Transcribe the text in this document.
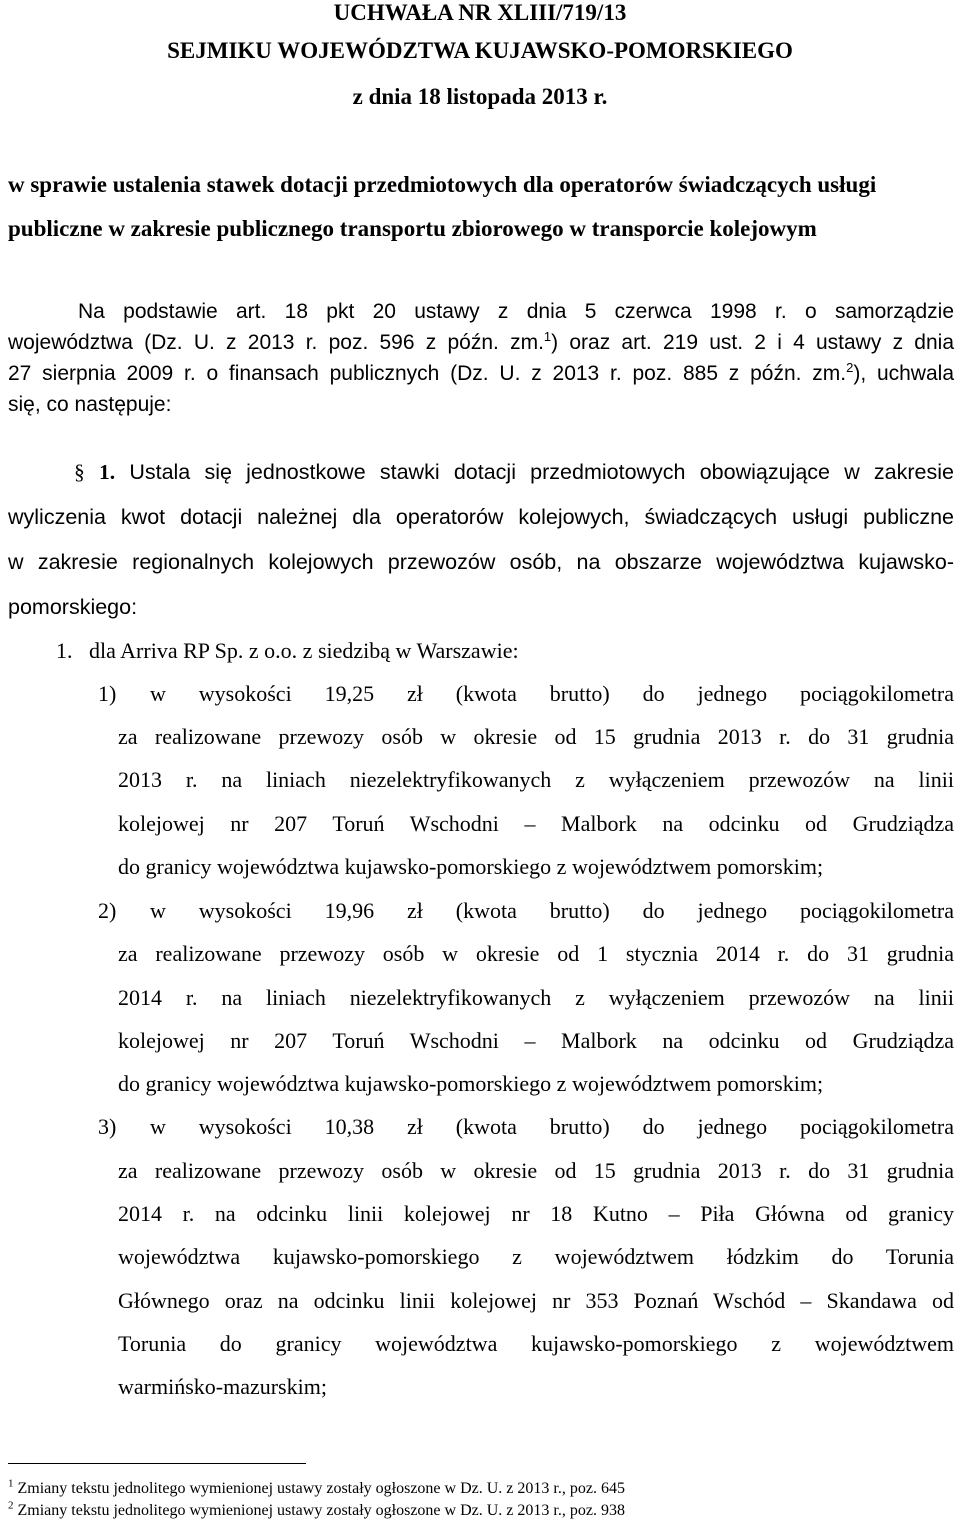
UCHWAŁA NR XLIII/719/13
SEJMIKU WOJEWÓDZTWA KUJAWSKO-POMORSKIEGO
z dnia 18 listopada 2013 r.
w sprawie ustalenia stawek dotacji przedmiotowych dla operatorów świadczących usługi
publiczne w zakresie publicznego transportu zbiorowego w transporcie kolejowym
Na podstawie art. 18 pkt 20 ustawy z dnia 5 czerwca 1998 r. o samorządzie
województwa (Dz. U. z 2013 r. poz. 596 z późn. zm.$^1$) oraz art. 219 ust. 2 i 4 ustawy z dnia
27 sierpnia 2009 r. o finansach publicznych (Dz. U. z 2013 r. poz. 885 z późn. zm.$^2$), uchwala
się, co następuje:
§ 1. Ustala się jednostkowe stawki dotacji przedmiotowych obowiązujące w zakresie
wyliczenia kwot dotacji należnej dla operatorów kolejowych, świadczących usługi publiczne
w zakresie regionalnych kolejowych przewozów osób, na obszarze województwa kujawsko-
pomorskiego:
1. dla Arriva RP Sp. z o.o. z siedzibą w Warszawie:
1) w wysokości 19,25 zł (kwota brutto) do jednego pociągokilometra
za realizowane przewozy osób w okresie od 15 grudnia 2013 r. do 31 grudnia
2013 r. na liniach niezelektryfikowanych z wyłączeniem przewozów na linii
kolejowej nr 207 Toruń Wschodni – Malbork na odcinku od Grudziądza
do granicy województwa kujawsko-pomorskiego z województwem pomorskim;
2) w wysokości 19,96 zł (kwota brutto) do jednego pociągokilometra
za realizowane przewozy osób w okresie od 1 stycznia 2014 r. do 31 grudnia
2014 r. na liniach niezelektryfikowanych z wyłączeniem przewozów na linii
kolejowej nr 207 Toruń Wschodni – Malbork na odcinku od Grudziądza
do granicy województwa kujawsko-pomorskiego z województwem pomorskim;
3) w wysokości 10,38 zł (kwota brutto) do jednego pociągokilometra
za realizowane przewozy osób w okresie od 15 grudnia 2013 r. do 31 grudnia
2014 r. na odcinku linii kolejowej nr 18 Kutno – Piła Główna od granicy
województwa kujawsko-pomorskiego z województwem łódzkim do Torunia
Głównego oraz na odcinku linii kolejowej nr 353 Poznań Wschód – Skandawa od
Torunia do granicy województwa kujawsko-pomorskiego z województwem
warmińsko-mazurskim;
$^1$ Zmiany tekstu jednolitego wymienionej ustawy zostały ogłoszone w Dz. U. z 2013 r., poz. 645
$^2$ Zmiany tekstu jednolitego wymienionej ustawy zostały ogłoszone w Dz. U. z 2013 r., poz. 938
